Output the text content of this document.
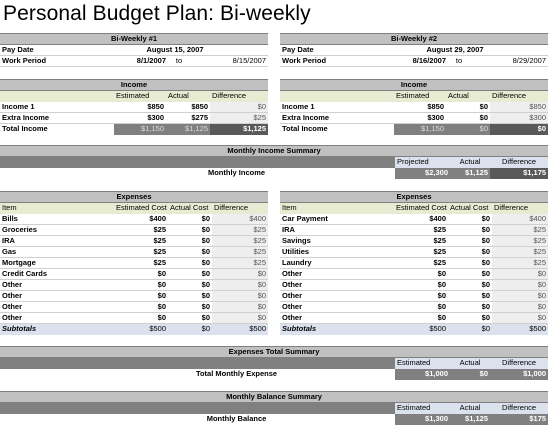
Personal Budget Plan: Bi-weekly
Bi-Weekly #1			
Pay Date	August 15, 2007		
Work Period	8/1/2007	to	8/15/2007
Bi-Weekly #2			
Pay Date	August 29, 2007		
Work Period	8/16/2007	to	8/29/2007
Income			
	Estimated	Actual	Difference
Income 1	$850	$850	$0
Extra Income	$300	$275	$25
Total Income	$1,150	$1,125	$1,125
Income			
	Estimated	Actual	Difference
Income 1	$850	$0	$850
Extra Income	$300	$0	$300
Total Income	$1,150	$0	$0
Monthly Income Summary			
	Projected	Actual	Difference
Monthly Income	$2,300	$1,125	$1,175
Expenses			
Item	Estimated Cost	Actual Cost	Difference
Bills	$400	$0	$400
Groceries	$25	$0	$25
IRA	$25	$0	$25
Gas	$25	$0	$25
Mortgage	$25	$0	$25
Credit Cards	$0	$0	$0
Other	$0	$0	$0
Other	$0	$0	$0
Other	$0	$0	$0
Other	$0	$0	$0
Subtotals	$500	$0	$500
Expenses			
Item	Estimated Cost	Actual Cost	Difference
Car Payment	$400	$0	$400
IRA	$25	$0	$25
Savings	$25	$0	$25
Utilities	$25	$0	$25
Laundry	$25	$0	$25
Other	$0	$0	$0
Other	$0	$0	$0
Other	$0	$0	$0
Other	$0	$0	$0
Other	$0	$0	$0
Subtotals	$500	$0	$500
Expenses Total Summary			
	Estimated	Actual	Difference
Total Monthly Expense	$1,000	$0	$1,000
Monthly Balance Summary			
	Estimated	Actual	Difference
Monthly Balance	$1,300	$1,125	$175
